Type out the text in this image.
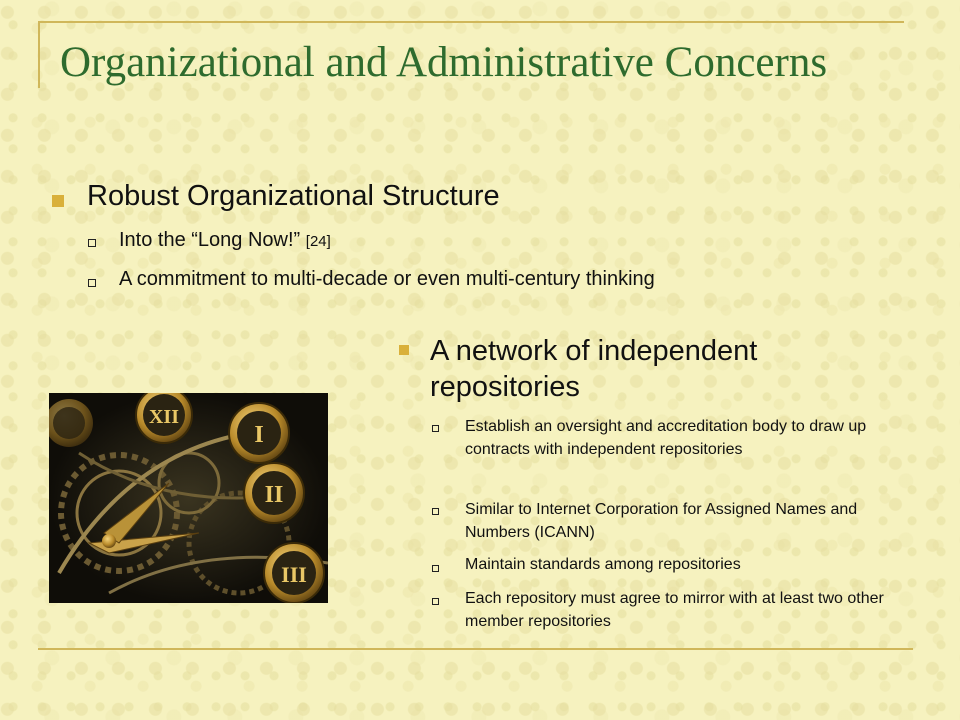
Organizational and Administrative Concerns
Robust Organizational Structure
Into the “Long Now!” [24]
A commitment to multi-decade or even multi-century thinking
A network of independent repositories
Establish an oversight and accreditation body to draw up contracts with independent repositories
Similar to Internet Corporation for Assigned Names and Numbers (ICANN)
Maintain standards among repositories
Each repository must agree to mirror with at least two other member repositories
XII
I
II
III
